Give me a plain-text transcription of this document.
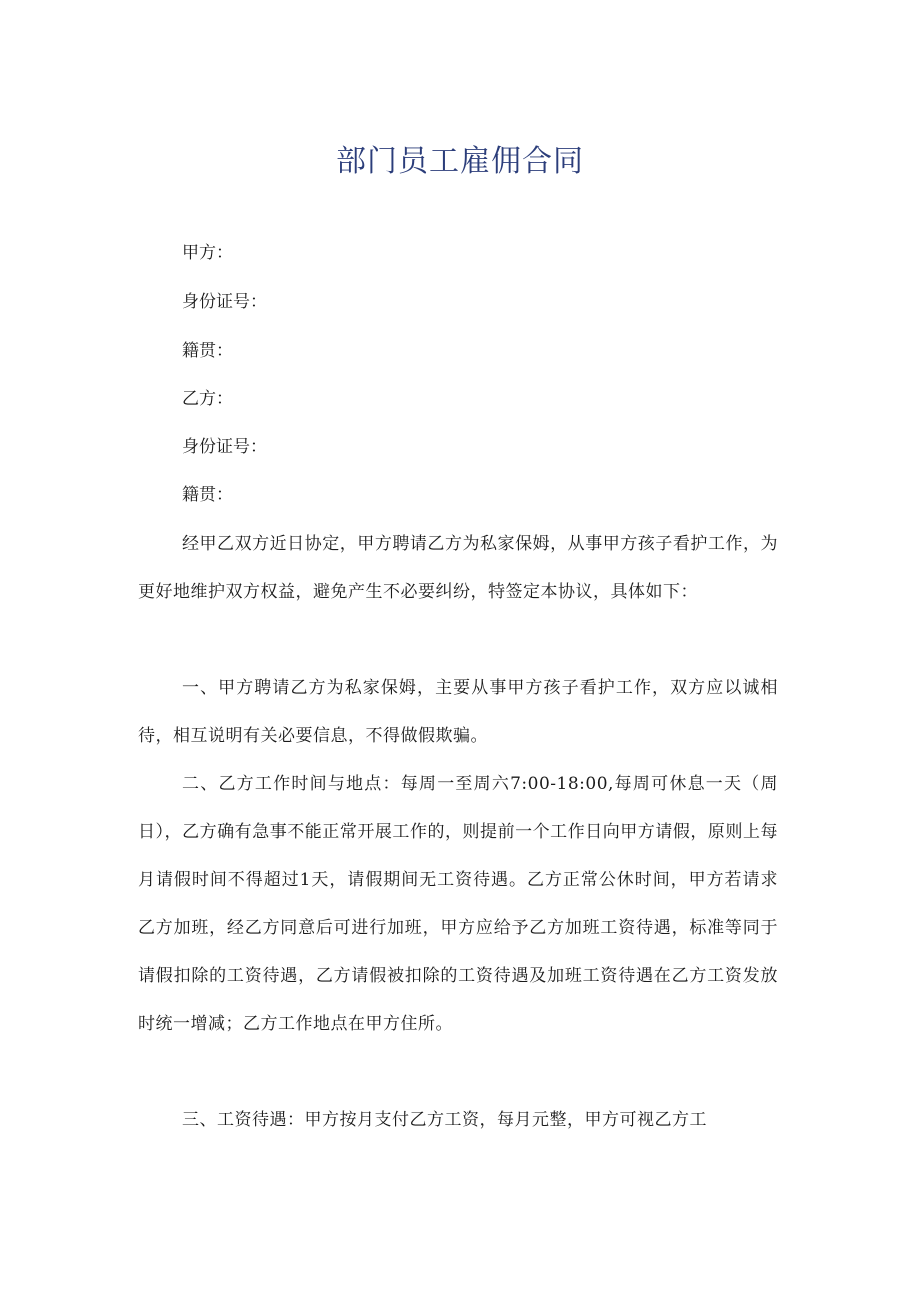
部门员工雇佣合同

甲方：

身份证号：

籍贯：

乙方：

身份证号：

籍贯：

经甲乙双方近日协定，甲方聘请乙方为私家保姆，从事甲方孩子看护工作，为更好地维护双方权益，避免产生不必要纠纷，特签定本协议，具体如下：

一、甲方聘请乙方为私家保姆，主要从事甲方孩子看护工作，双方应以诚相待，相互说明有关必要信息，不得做假欺骗。

二、乙方工作时间与地点：每周一至周六7:00-18:00,每周可休息一天（周日），乙方确有急事不能正常开展工作的，则提前一个工作日向甲方请假，原则上每月请假时间不得超过1天，请假期间无工资待遇。乙方正常公休时间，甲方若请求乙方加班，经乙方同意后可进行加班，甲方应给予乙方加班工资待遇，标准等同于请假扣除的工资待遇，乙方请假被扣除的工资待遇及加班工资待遇在乙方工资发放时统一增减；乙方工作地点在甲方住所。

三、工资待遇：甲方按月支付乙方工资，每月元整，甲方可视乙方工
